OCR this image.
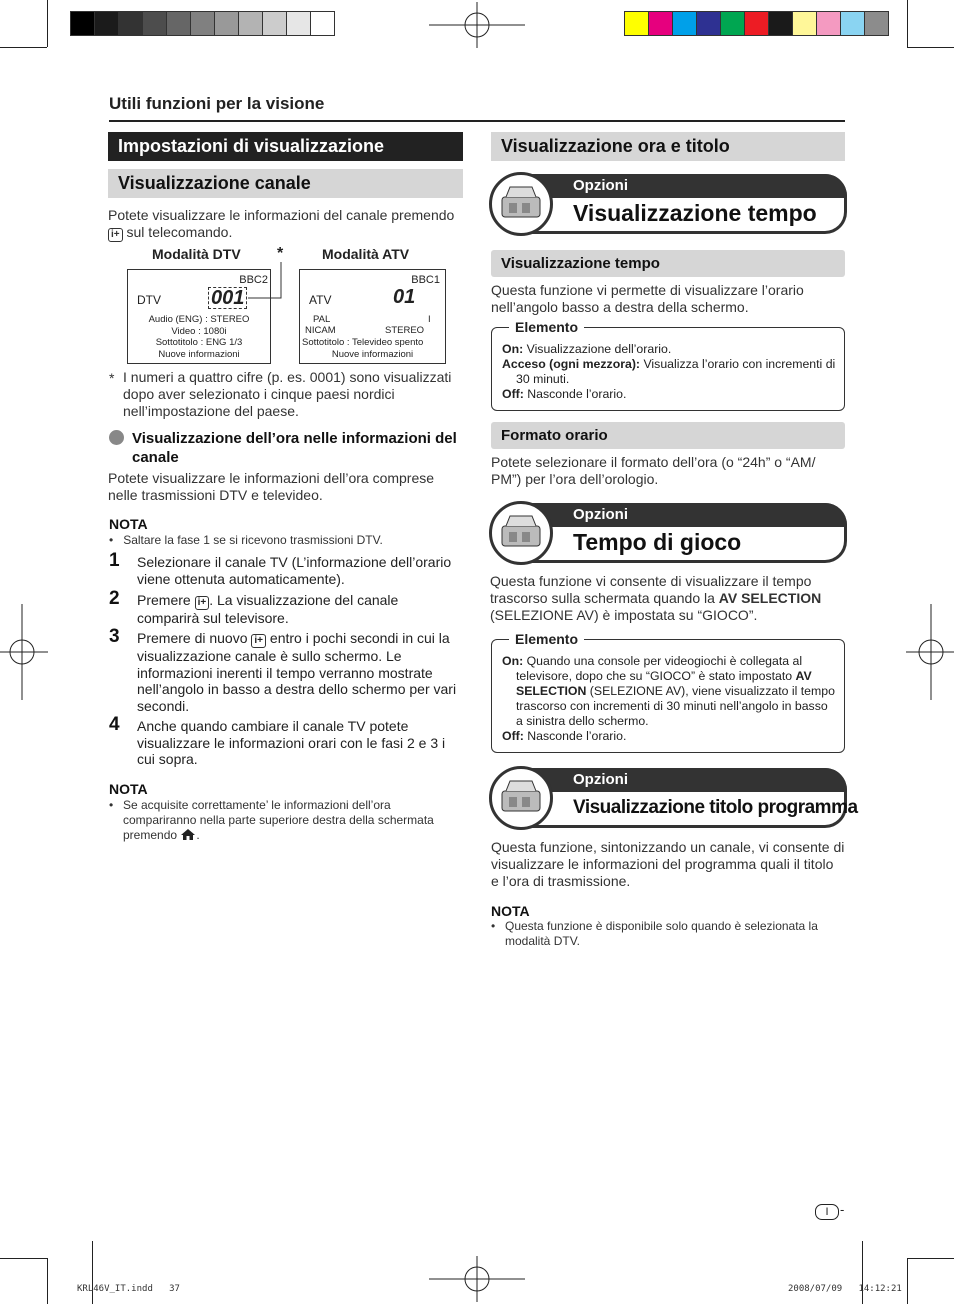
Utili funzioni per la visione
Impostazioni di visualizzazione
Visualizzazione canale
Potete visualizzare le informazioni del canale premendo
i+ sul telecomando.
Modalità DTV *	Modalità ATV
BBC2
DTV	001
Audio (ENG) : STEREO
Video : 1080i
Sottotitolo : ENG 1/3
Nuove informazioni
BBC1
ATV	01
PAL	I
NICAM	STEREO
Sottotitolo : Televideo spento
Nuove informazioni
* I numeri a quattro cifre (p. es. 0001) sono visualizzati dopo aver selezionato i cinque paesi nordici nell’impostazione del paese.
Visualizzazione dell’ora nelle informazioni del canale
Potete visualizzare le informazioni dell’ora comprese nelle trasmissioni DTV e televideo.
NOTA
•   Saltare la fase 1 se si ricevono trasmissioni DTV.
1 Selezionare il canale TV (L’informazione dell’orario viene ottenuta automaticamente).
2 Premere i+ . La visualizzazione del canale comparirà sul televisore.
3 Premere di nuovo i+ entro i pochi secondi in cui la visualizzazione canale è sullo schermo. Le informazioni inerenti il tempo verranno mostrate nell’angolo in basso a destra dello schermo per vari secondi.
4 Anche quando cambiare il canale TV potete visualizzare le informazioni orari con le fasi 2 e 3 i cui sopra.
NOTA
• Se acquisite correttamente’ le informazioni dell’ora compariranno nella parte superiore destra della schermata premendo .
Visualizzazione ora e titolo
Opzioni
Visualizzazione tempo
Visualizzazione tempo
Questa funzione vi permette di visualizzare l’orario nell’angolo basso a destra della schermo.
Elemento
On: Visualizzazione dell’orario.
Acceso (ogni mezzora): Visualizza l’orario con incrementi di 30 minuti.
Off: Nasconde l’orario.
Formato orario
Potete selezionare il formato dell’ora (o “24h” o “AM/ PM”) per l’ora dell’orologio.
Opzioni
Tempo di gioco
Questa funzione vi consente di visualizzare il tempo trascorso sulla schermata quando la AV SELECTION (SELEZIONE AV) è impostata su “GIOCO”.
Elemento
On: Quando una console per videogiochi è collegata al televisore, dopo che su “GIOCO” è stato impostato AV SELECTION (SELEZIONE AV), viene visualizzato il tempo trascorso con incrementi di 30 minuti nell’angolo in basso a sinistra dello schermo.
Off: Nasconde l’orario.
Opzioni
Visualizzazione titolo programma
Questa funzione, sintonizzando un canale, vi consente di visualizzare le informazioni del programma quali il titolo e l’ora di trasmissione.
NOTA
• Questa funzione è disponibile solo quando è selezionata la modalità DTV.
I -
KRL46V_IT.indd   37	2008/07/09   14:12:21
